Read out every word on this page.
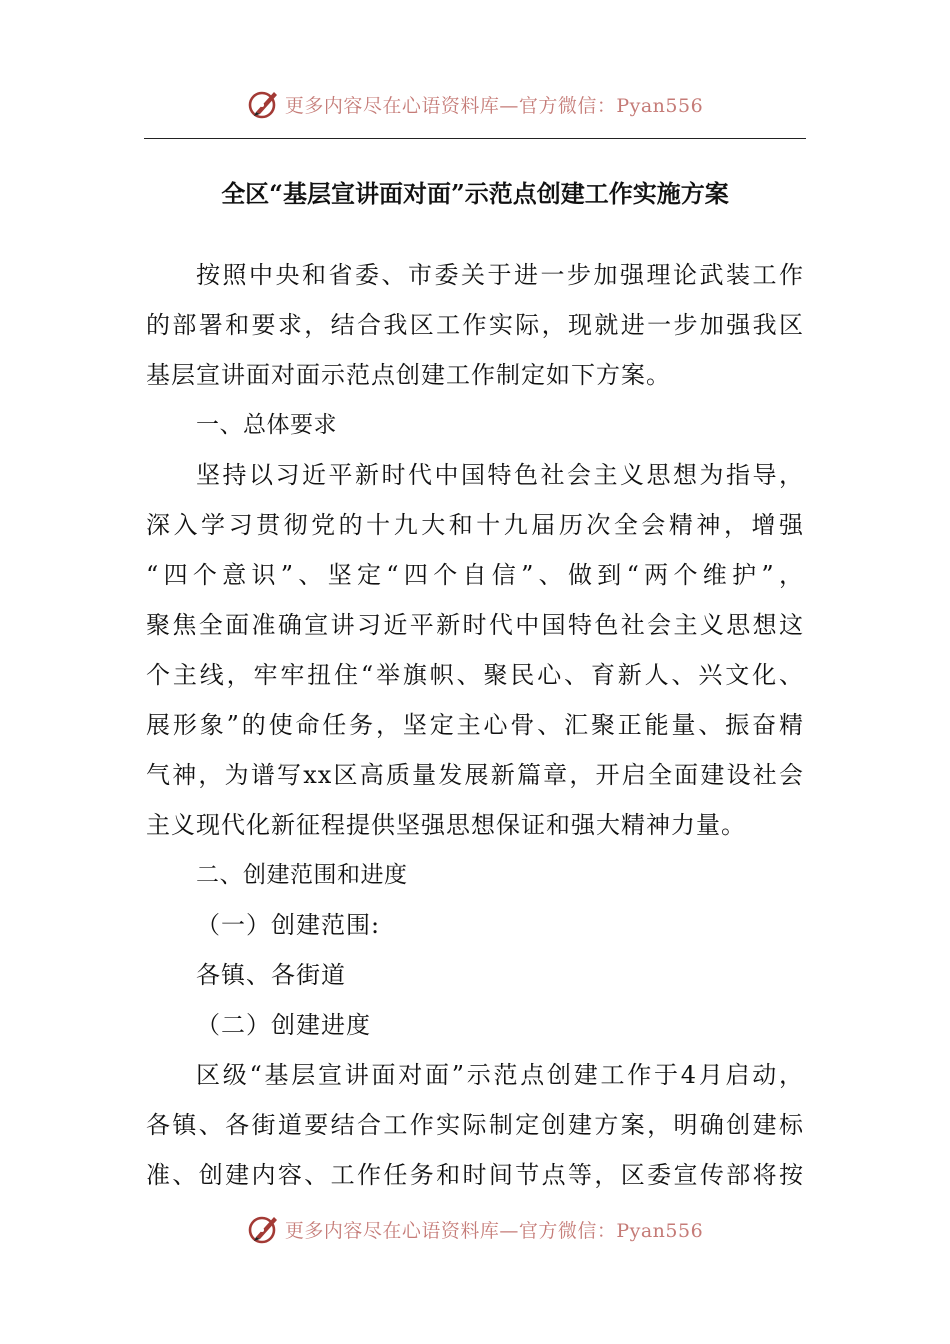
更多内容尽在心语资料库—官方微信：Pyan556
全区“基层宣讲面对面”示范点创建工作实施方案

按照中央和省委、市委关于进一步加强理论武装工作

的部署和要求，结合我区工作实际，现就进一步加强我区

基层宣讲面对面示范点创建工作制定如下方案。

一、总体要求

坚持以习近平新时代中国特色社会主义思想为指导，

深入学习贯彻党的十九大和十九届历次全会精神，增强

“四个意识”、坚定“四个自信”、做到“两个维护”，

聚焦全面准确宣讲习近平新时代中国特色社会主义思想这

个主线，牢牢扭住“举旗帜、聚民心、育新人、兴文化、

展形象”的使命任务，坚定主心骨、汇聚正能量、振奋精

气神，为谱写xx区高质量发展新篇章，开启全面建设社会

主义现代化新征程提供坚强思想保证和强大精神力量。

二、创建范围和进度

（一）创建范围:

各镇、各街道

（二）创建进度

区级“基层宣讲面对面”示范点创建工作于4月启动，

各镇、各街道要结合工作实际制定创建方案，明确创建标

准、创建内容、工作任务和时间节点等，区委宣传部将按

更多内容尽在心语资料库—官方微信：Pyan556
